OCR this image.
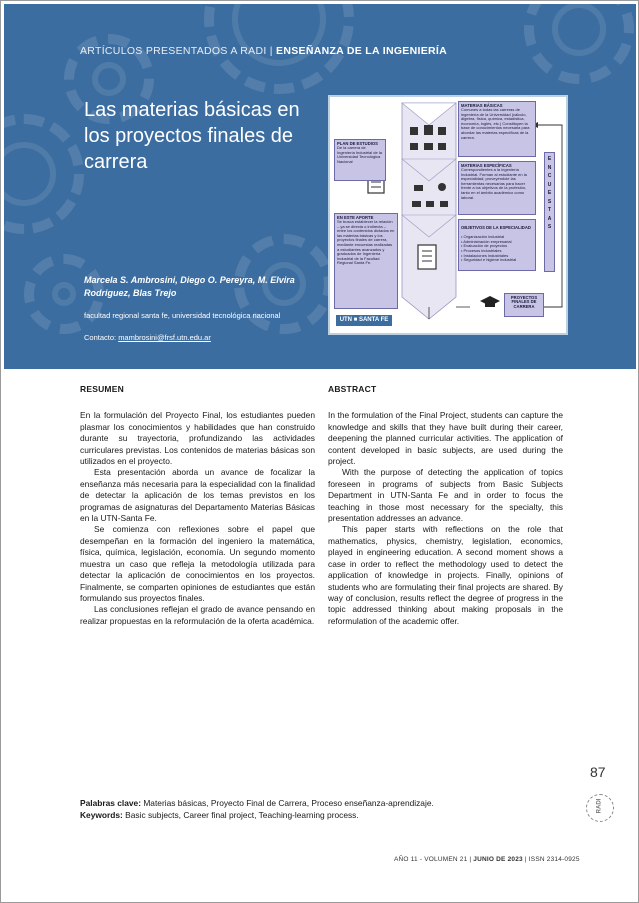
ARTÍCULOS PRESENTADOS A RADI | ENSEÑANZA DE LA INGENIERÍA
Las materias básicas en los proyectos finales de carrera
Marcela S. Ambrosini, Diego O. Pereyra, M. Elvira Rodriguez, Blas Trejo
facultad regional santa fe, universidad tecnológica nacional
Contacto: mambrosini@frsf.utn.edu.ar
PLAN DE ESTUDIOS
De la carrera de Ingeniería Industrial de la Universidad Tecnológica Nacional
EN ESTE APORTE
Se busca establecer la relación – ya se directa o indirecta – entre los contenidos dictados en las materias básicas y los proyectos finales de carrera, mediante encuestas realizadas a estudiantes avanzados y graduados de Ingeniería Industrial de la Facultad Regional Santa Fe.
MATERIAS BÁSICAS
Comunes a todas las carreras de ingeniería de la Universidad (cálculo, álgebra, física, química, estadística, economía, inglés, etc.) Constituyen la base de conocimientos necesaria para abordar las materias específicas de la carrera.
MATERIAS ESPECÍFICAS
Correspondientes a la ingeniería Industrial. Forman al estudiante en la especialidad; proveyéndole las herramientas necesarias para hacer frente a los objetivos de la profesión, tanto en el ámbito académico como laboral.

OBJETIVOS DE LA ESPECIALIDAD

• Organización industrial
• Administración empresarial
• Evaluación de proyectos
• Procesos industriales
• Instalaciones industriales
• Seguridad e higiene industrial

PROYECTOS FINALES DE CARRERA
ENCUESTAS
UTN ■ SANTA FE
RESUMEN

En la formulación del Proyecto Final, los estudiantes pueden plasmar los conocimientos y habilidades que han construido durante su trayectoria, profundizando las actividades curriculares previstas. Los contenidos de materias básicas son utilizados en el proyecto.

Esta presentación aborda un avance de focalizar la enseñanza más necesaria para la especialidad con la finalidad de detectar la aplicación de los temas previstos en los programas de asignaturas del Departamento Materias Básicas en la UTN-Santa Fe.

Se comienza con reflexiones sobre el papel que desempeñan en la formación del ingeniero la matemática, física, química, legislación, economía. Un segundo momento muestra un caso que refleja la metodología utilizada para detectar la aplicación de conocimientos en los proyectos. Finalmente, se comparten opiniones de estudiantes que están formulando sus proyectos finales.

Las conclusiones reflejan el grado de avance pensando en realizar propuestas en la reformulación de la oferta académica.

ABSTRACT

In the formulation of the Final Project, students can capture the knowledge and skills that they have built during their career, deepening the planned curricular activities. The application of content developed in basic subjects, are used during the project.

With the purpose of detecting the application of topics foreseen in programs of subjects from Basic Subjects Department in UTN-Santa Fe and in order to focus the teaching in those most necessary for the specialty, this presentation addresses an advance.

This paper starts with reflections on the role that mathematics, physics, chemistry, legislation, economics, played in engineering education. A second moment shows a case in order to reflect the methodology used to detect the application of knowledge in projects. Finally, opinions of students who are formulating their final projects are shared. By way of conclusion, results reflect the degree of progress in the topic addressed thinking about making proposals in the reformulation of the academic offer.

87
Palabras clave: Materias básicas, Proyecto Final de Carrera, Proceso enseñanza-aprendizaje.
Keywords: Basic subjects, Career final project, Teaching-learning process.
RADI
AÑO 11 - VOLUMEN 21 | JUNIO DE 2023 | ISSN 2314-0925
